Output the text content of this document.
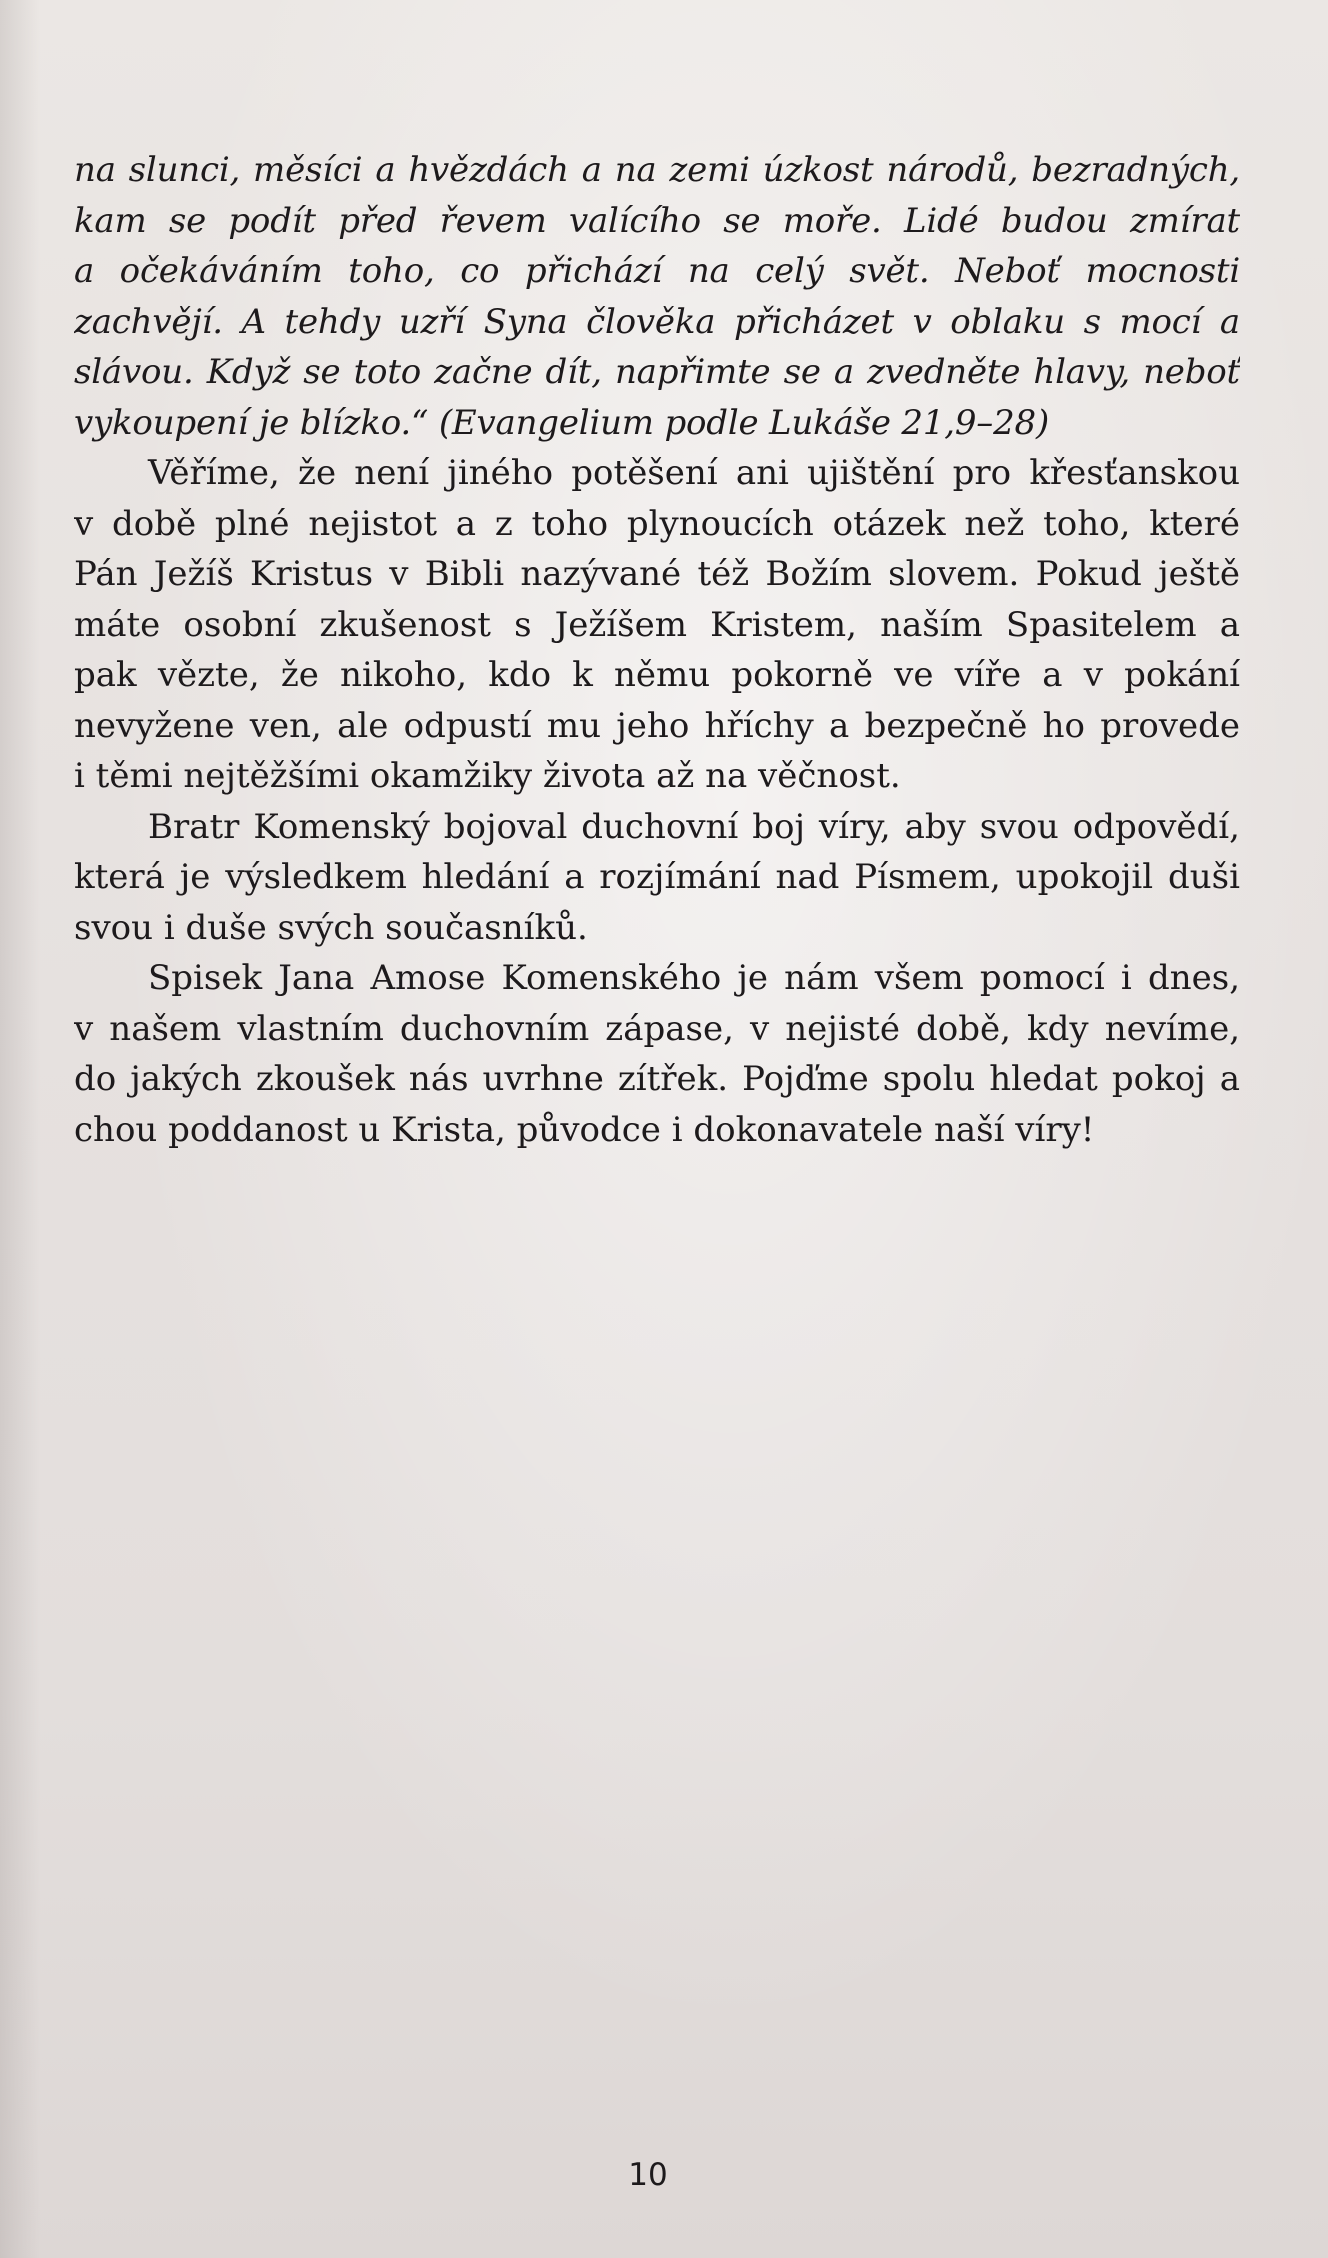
na slunci, měsíci a hvězdách a na zemi úzkost národů, bezradných,
kam se podít před řevem valícího se moře. Lidé budou zmírat
a očekáváním toho, co přichází na celý svět. Neboť mocnosti
zachvějí. A tehdy uzří Syna člověka přicházet v oblaku s mocí a
slávou. Když se toto začne dít, napřimte se a zvedněte hlavy, neboť
vykoupení je blízko.“ (Evangelium podle Lukáše 21,9–28)
Věříme, že není jiného potěšení ani ujištění pro křesťanskou
v době plné nejistot a z toho plynoucích otázek než toho, které
Pán Ježíš Kristus v Bibli nazývané též Božím slovem. Pokud ještě
máte osobní zkušenost s Ježíšem Kristem, naším Spasitelem a
pak vězte, že nikoho, kdo k němu pokorně ve víře a v pokání
nevyžene ven, ale odpustí mu jeho hříchy a bezpečně ho provede
i těmi nejtěžšími okamžiky života až na věčnost.
Bratr Komenský bojoval duchovní boj víry, aby svou odpovědí,
která je výsledkem hledání a rozjímání nad Písmem, upokojil duši
svou i duše svých současníků.
Spisek Jana Amose Komenského je nám všem pomocí i dnes,
v našem vlastním duchovním zápase, v nejisté době, kdy nevíme,
do jakých zkoušek nás uvrhne zítřek. Pojďme spolu hledat pokoj a
chou poddanost u Krista, původce i dokonavatele naší víry!
10
